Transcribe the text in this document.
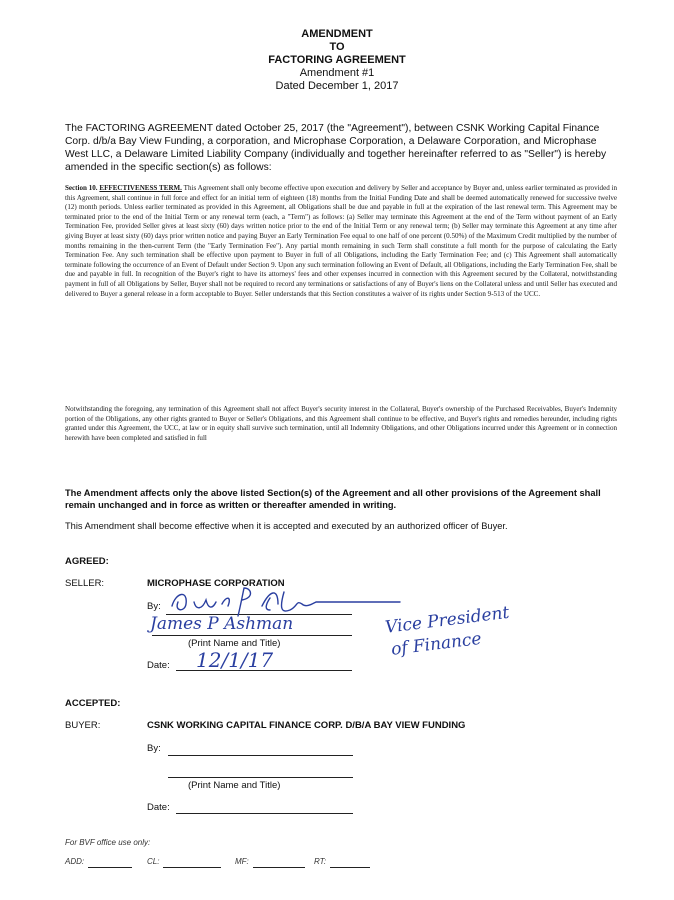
AMENDMENT
TO
FACTORING AGREEMENT
Amendment #1
Dated December 1, 2017
The FACTORING AGREEMENT dated October 25, 2017 (the "Agreement"), between CSNK Working Capital Finance Corp. d/b/a Bay View Funding, a corporation, and Microphase Corporation, a Delaware Corporation, and Microphase West LLC, a Delaware Limited Liability Company (individually and together hereinafter referred to as "Seller") is hereby amended in the specific section(s) as follows:
Section 10. EFFECTIVENESS TERM. This Agreement shall only become effective upon execution and delivery by Seller and acceptance by Buyer and, unless earlier terminated as provided in this Agreement, shall continue in full force and effect for an initial term of eighteen (18) months from the Initial Funding Date and shall be deemed automatically renewed for successive twelve (12) month periods. Unless earlier terminated as provided in this Agreement, all Obligations shall be due and payable in full at the expiration of the last renewal term. This Agreement may be terminated prior to the end of the Initial Term or any renewal term (each, a "Term") as follows: (a) Seller may terminate this Agreement at the end of the Term without payment of an Early Termination Fee, provided Seller gives at least sixty (60) days written notice prior to the end of the Initial Term or any renewal term; (b) Seller may terminate this Agreement at any time after giving Buyer at least sixty (60) days prior written notice and paying Buyer an Early Termination Fee equal to one half of one percent (0.50%) of the Maximum Credit multiplied by the number of months remaining in the then-current Term (the "Early Termination Fee"). Any partial month remaining in such Term shall constitute a full month for the purpose of calculating the Early Termination Fee. Any such termination shall be effective upon payment to Buyer in full of all Obligations, including the Early Termination Fee; and (c) This Agreement shall automatically terminate following the occurrence of an Event of Default under Section 9. Upon any such termination following an Event of Default, all Obligations, including the Early Termination Fee, shall be due and payable in full. In recognition of the Buyer's right to have its attorneys' fees and other expenses incurred in connection with this Agreement secured by the Collateral, notwithstanding payment in full of all Obligations by Seller, Buyer shall not be required to record any terminations or satisfactions of any of Buyer's liens on the Collateral unless and until Seller has executed and delivered to Buyer a general release in a form acceptable to Buyer. Seller understands that this Section constitutes a waiver of its rights under Section 9-513 of the UCC.
Notwithstanding the foregoing, any termination of this Agreement shall not affect Buyer's security interest in the Collateral, Buyer's ownership of the Purchased Receivables, Buyer's Indemnity portion of the Obligations, any other rights granted to Buyer or Seller's Obligations, and this Agreement shall continue to be effective, and Buyer's rights and remedies hereunder, including rights granted under this Agreement, the UCC, at law or in equity shall survive such termination, until all Indemnity Obligations, and other Obligations incurred under this Agreement or in connection herewith have been completed and satisfied in full
The Amendment affects only the above listed Section(s) of the Agreement and all other provisions of the Agreement shall remain unchanged and in force as written or thereafter amended in writing.
This Amendment shall become effective when it is accepted and executed by an authorized officer of Buyer.
AGREED:
SELLER:	MICROPHASE CORPORATION
By:
James P Ashman	Vice President
of Finance
(Print Name and Title)
Date: 12/1/17
ACCEPTED:
BUYER:	CSNK WORKING CAPITAL FINANCE CORP. D/B/A BAY VIEW FUNDING
By:
(Print Name and Title)
Date:
For BVF office use only:
ADD:	CL:	MF:	RT:
